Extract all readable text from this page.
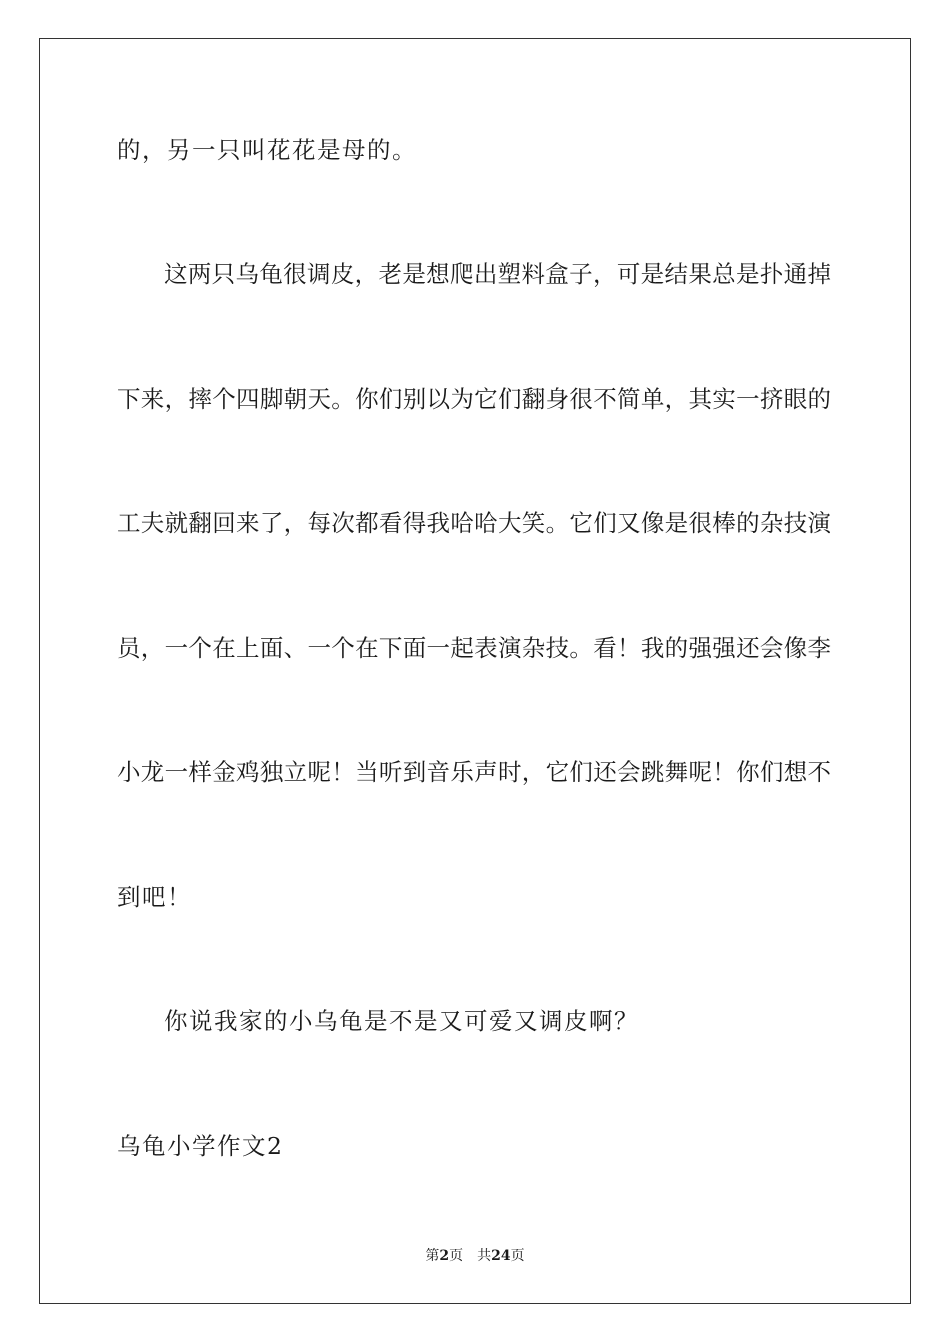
的，另一只叫花花是母的。
这两只乌龟很调皮，老是想爬出塑料盒子，可是结果总是扑通掉
下来，摔个四脚朝天。你们别以为它们翻身很不简单，其实一挤眼的
工夫就翻回来了，每次都看得我哈哈大笑。它们又像是很棒的杂技演
员，一个在上面、一个在下面一起表演杂技。看！我的强强还会像李
小龙一样金鸡独立呢！当听到音乐声时，它们还会跳舞呢！你们想不
到吧！
你说我家的小乌龟是不是又可爱又调皮啊？
乌龟小学作文2
第2页 共24页
